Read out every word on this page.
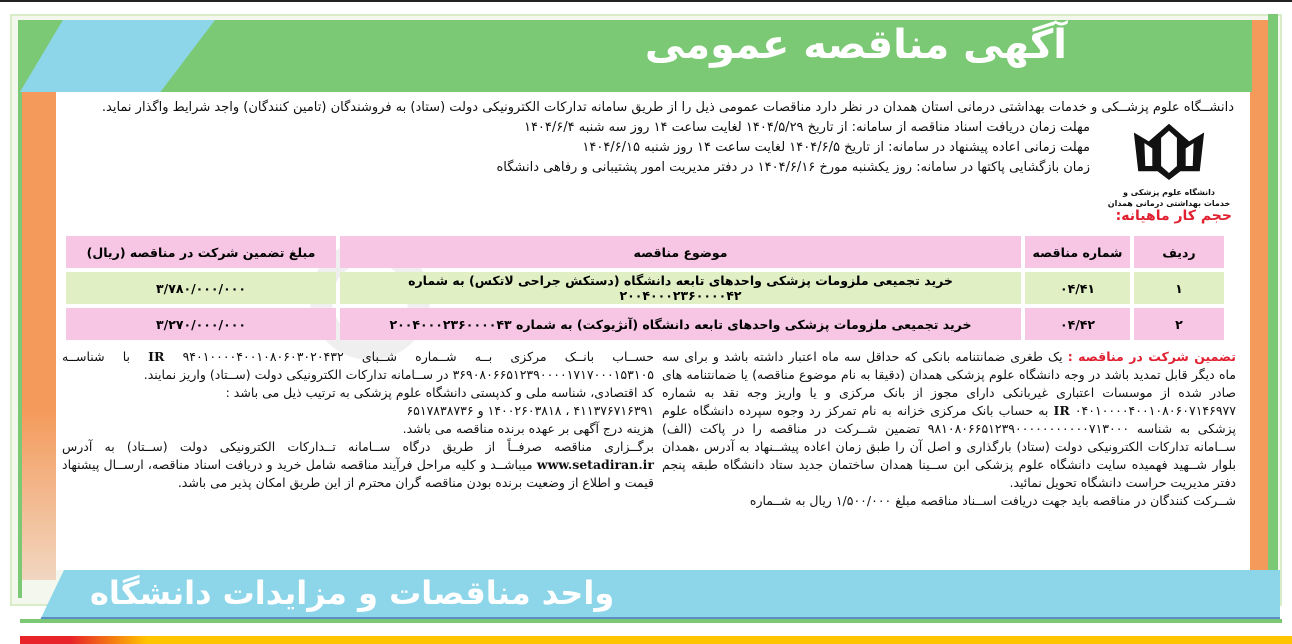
آگهی مناقصه عمومی
دانشگاه علوم پزشکی و
خدمات بهداشتی درمانی همدان
دانشــگاه علوم پزشــکی و خدمات بهداشتی درمانی استان همدان در نظر دارد مناقصات عمومی ذیل را از طریق سامانه تدارکات الکترونیکی دولت (ستاد) به فروشندگان (تامین کنندگان) واجد شرایط واگذار نماید.
مهلت زمان دریافت اسناد مناقصه از سامانه: از تاریخ ۱۴۰۴/۵/۲۹ لغایت ساعت ۱۴ روز سه شنبه ۱۴۰۴/۶/۴
مهلت زمانی اعاده پیشنهاد در سامانه: از تاریخ ۱۴۰۴/۶/۵ لغایت ساعت ۱۴ روز شنبه ۱۴۰۴/۶/۱۵
زمان بازگشایی پاکتها در سامانه: روز یکشنبه مورخ ۱۴۰۴/۶/۱۶ در دفتر مدیریت امور پشتیبانی و رفاهی دانشگاه
حجم کار ماهیانه:
ردیف	شماره مناقصه	موضوع مناقصه	مبلغ تضمین شرکت در مناقصه (ریال)
۱	۰۴/۴۱	خرید تجمیعی ملزومات پزشکی واحدهای تابعه دانشگاه (دستکش جراحی لاتکس) به شماره ۲۰۰۴۰۰۰۲۳۶۰۰۰۰۴۲	۳/۷۸۰/۰۰۰/۰۰۰
۲	۰۴/۴۲	خرید تجمیعی ملزومات پزشکی واحدهای تابعه دانشگاه (آنژیوکت) به شماره ۲۰۰۴۰۰۰۲۳۶۰۰۰۰۴۳	۳/۲۷۰/۰۰۰/۰۰۰

تضمین شرکت در مناقصه : یک طغری ضمانتنامه بانکی که حداقل سه ماه اعتبار داشته باشد و برای سه ماه دیگر قابل تمدید باشد در وجه دانشگاه علوم پزشکی همدان (دقیقا به نام موضوع مناقصه) یا ضمانتنامه های صادر شده از موسسات اعتباری غیربانکی دارای مجوز از بانک مرکزی و یا واریز وجه نقد به شماره ۰۴۰۱۰۰۰۰۴۰۰۱۰۸۰۶۰۷۱۴۶۹۷۷ IR به حساب بانک مرکزی خزانه به نام تمرکز رد وجوه سپرده دانشگاه علوم پزشکی به شناسه ۹۸۱۰۸۰۶۶۵۱۲۳۹۰۰۰۰۰۰۰۰۰۰۰۷۱۳۰۰۰ تضمین شــرکت در مناقصه را در پاکت (الف) ســامانه تدارکات الکترونیکی دولت (ستاد) بارگذاری و اصل آن را طبق زمان اعاده پیشــنهاد به آدرس ،همدان بلوار شــهید فهمیده سایت دانشگاه علوم پزشکی ابن ســینا همدان ساختمان جدید ستاد دانشگاه طبقه پنجم دفتر مدیریت حراست دانشگاه تحویل نمائید.

شــرکت کنندگان در مناقصه باید جهت دریافت اســناد مناقصه مبلغ ۱/۵۰۰/۰۰۰ ریال به شــماره

حســاب بانــک مرکزی بــه شــماره شــبای ۹۴۰۱۰۰۰۰۴۰۰۱۰۸۰۶۰۳۰۲۰۴۳۲ IR با شناســه ۳۶۹۰۸۰۶۶۵۱۲۳۹۰۰۰۰۱۷۱۷۰۰۰۱۵۳۱۰۵ در ســامانه تدارکات الکترونیکی دولت (ســتاد) واریز نمایند.

کد اقتصادی، شناسه ملی و کدپستی دانشگاه علوم پزشکی به ترتیب ذیل می باشد :

۴۱۱۳۷۶۷۱۶۳۹۱ ، ۱۴۰۰۲۶۰۳۸۱۸ و ۶۵۱۷۸۳۸۷۳۶

هزینه درج آگهی بر عهده برنده مناقصه می باشد.

برگــزاری مناقصه صرفــاً از طریق درگاه ســامانه تــدارکات الکترونیکی دولت (ســتاد) به آدرس www.setadiran.ir میباشــد و کلیه مراحل فرآیند مناقصه شامل خرید و دریافت اسناد مناقصه، ارســال پیشنهاد قیمت و اطلاع از وضعیت برنده بودن مناقصه گران محترم از این طریق امکان پذیر می باشد.

واحد مناقصات و مزایدات دانشگاه
